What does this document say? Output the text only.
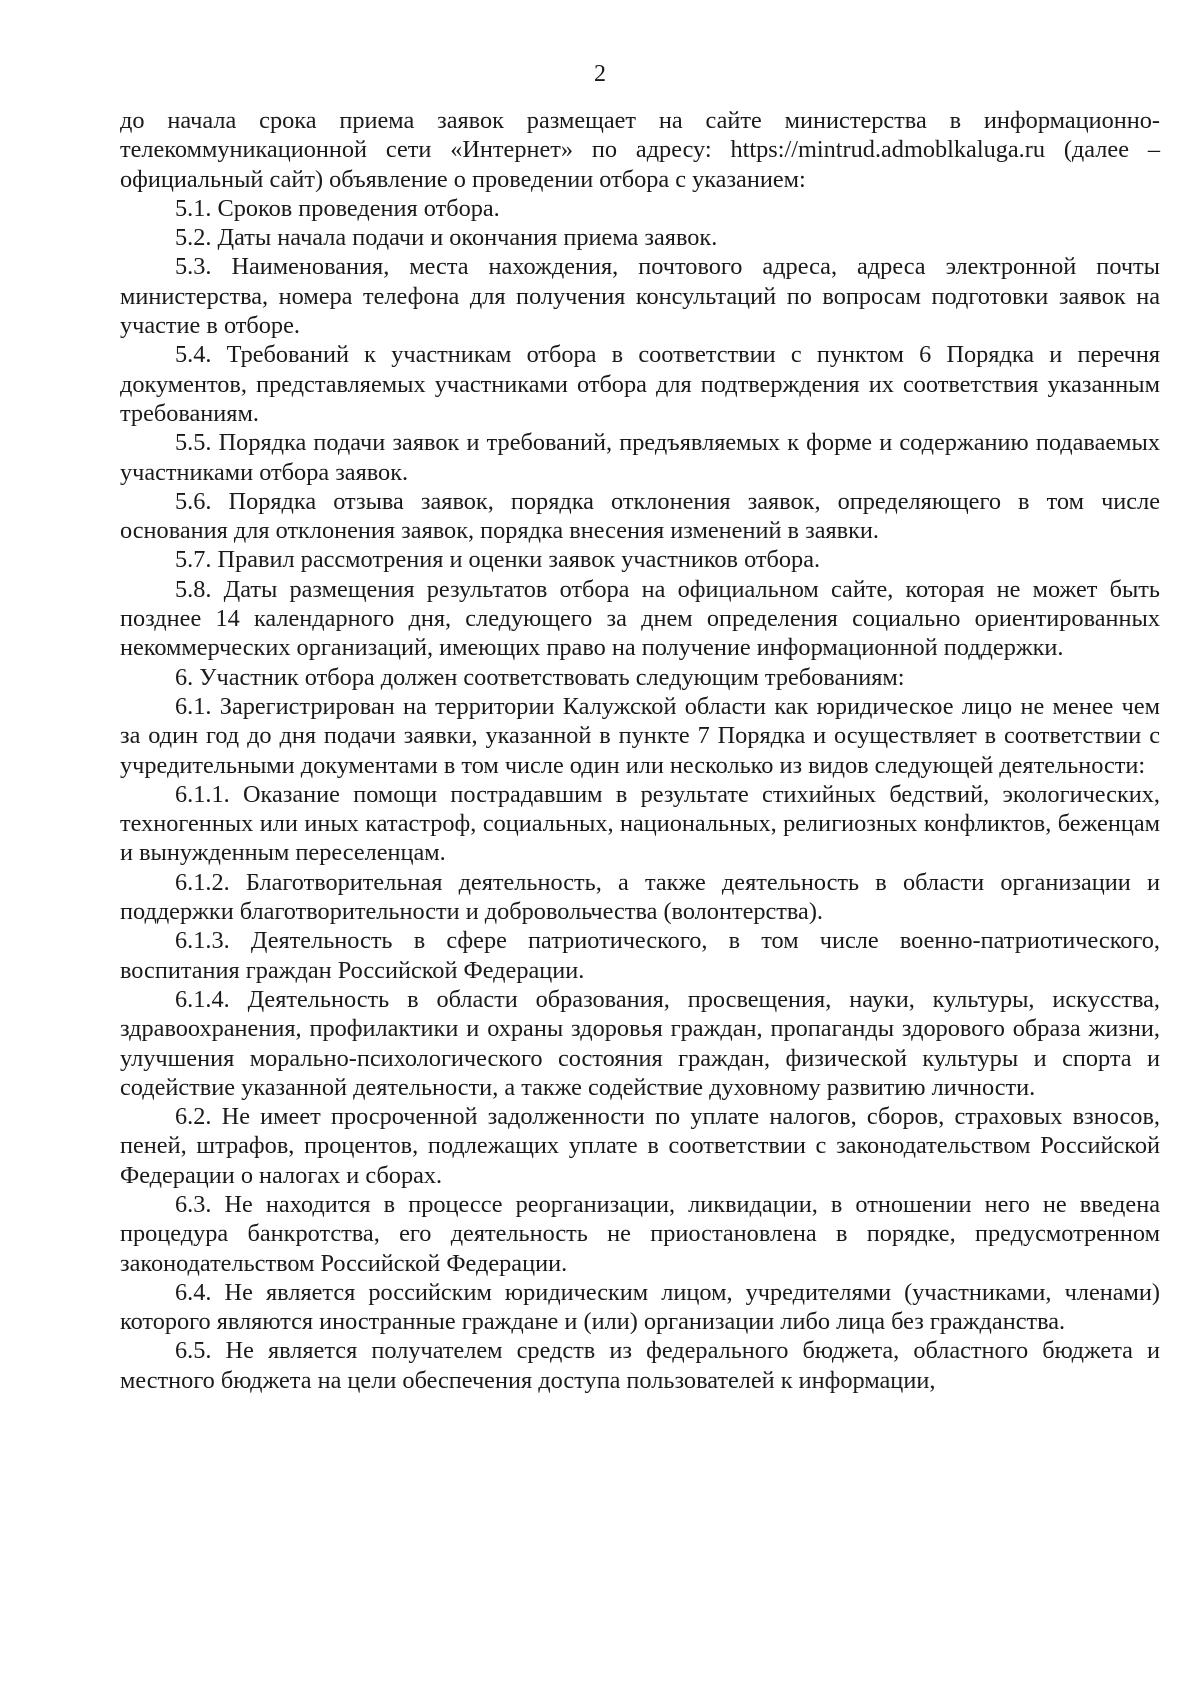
2

до начала срока приема заявок размещает на сайте министерства в информационно-телекоммуникационной сети «Интернет» по адресу: https://mintrud.admoblkaluga.ru (далее – официальный сайт) объявление о проведении отбора с указанием:

5.1. Сроков проведения отбора.

5.2. Даты начала подачи и окончания приема заявок.

5.3. Наименования, места нахождения, почтового адреса, адреса электронной почты министерства, номера телефона для получения консультаций по вопросам подготовки заявок на участие в отборе.

5.4. Требований к участникам отбора в соответствии с пунктом 6 Порядка и перечня документов, представляемых участниками отбора для подтверждения их соответствия указанным требованиям.

5.5. Порядка подачи заявок и требований, предъявляемых к форме и содержанию подаваемых участниками отбора заявок.

5.6. Порядка отзыва заявок, порядка отклонения заявок, определяющего в том числе основания для отклонения заявок, порядка внесения изменений в заявки.

5.7. Правил рассмотрения и оценки заявок участников отбора.

5.8. Даты размещения результатов отбора на официальном сайте, которая не может быть позднее 14 календарного дня, следующего за днем определения социально ориентированных некоммерческих организаций, имеющих право на получение информационной поддержки.

6. Участник отбора должен соответствовать следующим требованиям:

6.1. Зарегистрирован на территории Калужской области как юридическое лицо не менее чем за один год до дня подачи заявки, указанной в пункте 7 Порядка и осуществляет в соответствии с учредительными документами в том числе один или несколько из видов следующей деятельности:

6.1.1. Оказание помощи пострадавшим в результате стихийных бедствий, экологических, техногенных или иных катастроф, социальных, национальных, религиозных конфликтов, беженцам и вынужденным переселенцам.

6.1.2. Благотворительная деятельность, а также деятельность в области организации и поддержки благотворительности и добровольчества (волонтерства).

6.1.3. Деятельность в сфере патриотического, в том числе военно-патриотического, воспитания граждан Российской Федерации.

6.1.4. Деятельность в области образования, просвещения, науки, культуры, искусства, здравоохранения, профилактики и охраны здоровья граждан, пропаганды здорового образа жизни, улучшения морально-психологического состояния граждан, физической культуры и спорта и содействие указанной деятельности, а также содействие духовному развитию личности.

6.2. Не имеет просроченной задолженности по уплате налогов, сборов, страховых взносов, пеней, штрафов, процентов, подлежащих уплате в соответствии с законодательством Российской Федерации о налогах и сборах.

6.3. Не находится в процессе реорганизации, ликвидации, в отношении него не введена процедура банкротства, его деятельность не приостановлена в порядке, предусмотренном законодательством Российской Федерации.

6.4. Не является российским юридическим лицом, учредителями (участниками, членами) которого являются иностранные граждане и (или) организации либо лица без гражданства.

6.5. Не является получателем средств из федерального бюджета, областного бюджета и местного бюджета на цели обеспечения доступа пользователей к информации,
